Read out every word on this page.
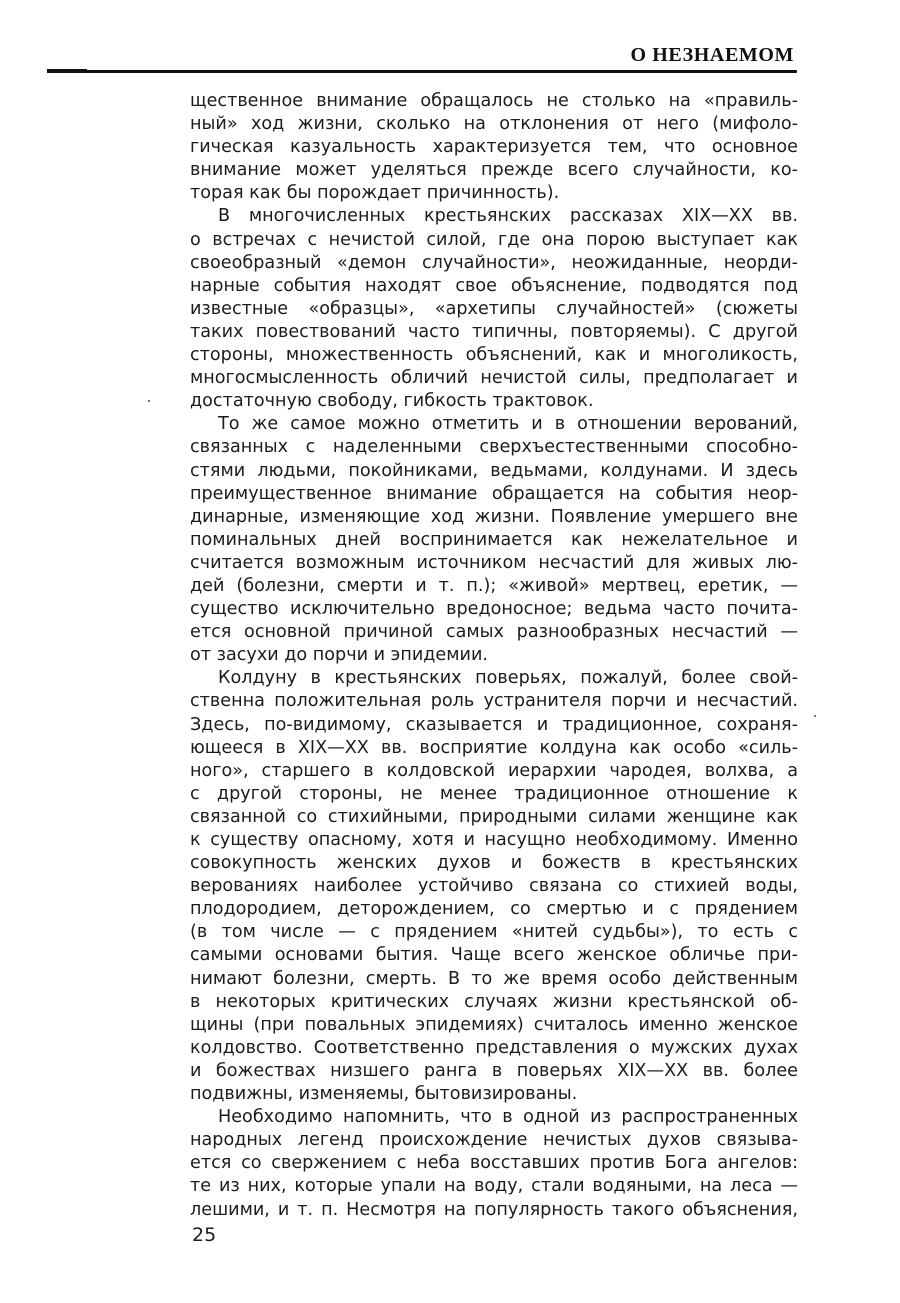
О НЕЗНАЕМОМ
щественное внимание обращалось не столько на «правиль-
ный» ход жизни, сколько на отклонения от него (мифоло-
гическая казуальность характеризуется тем, что основное
внимание может уделяться прежде всего случайности, ко-
торая как бы порождает причинность).
В многочисленных крестьянских рассказах XIX—XX вв.
о встречах с нечистой силой, где она порою выступает как
своеобразный «демон случайности», неожиданные, неорди-
нарные события находят свое объяснение, подводятся под
известные «образцы», «архетипы случайностей» (сюжеты
таких повествований часто типичны, повторяемы). С другой
стороны, множественность объяснений, как и многоликость,
многосмысленность обличий нечистой силы, предполагает и
достаточную свободу, гибкость трактовок.
То же самое можно отметить и в отношении верований,
связанных с наделенными сверхъестественными способно-
стями людьми, покойниками, ведьмами, колдунами. И здесь
преимущественное внимание обращается на события неор-
динарные, изменяющие ход жизни. Появление умершего вне
поминальных дней воспринимается как нежелательное и
считается возможным источником несчастий для живых лю-
дей (болезни, смерти и т. п.); «живой» мертвец, еретик, —
существо исключительно вредоносное; ведьма часто почита-
ется основной причиной самых разнообразных несчастий —
от засухи до порчи и эпидемии.
Колдуну в крестьянских поверьях, пожалуй, более свой-
ственна положительная роль устранителя порчи и несчастий.
Здесь, по-видимому, сказывается и традиционное, сохраня-
ющееся в XIX—XX вв. восприятие колдуна как особо «силь-
ного», старшего в колдовской иерархии чародея, волхва, а
с другой стороны, не менее традиционное отношение к
связанной со стихийными, природными силами женщине как
к существу опасному, хотя и насущно необходимому. Именно
совокупность женских духов и божеств в крестьянских
верованиях наиболее устойчиво связана со стихией воды,
плодородием, деторождением, со смертью и с прядением
(в том числе — с прядением «нитей судьбы»), то есть с
самыми основами бытия. Чаще всего женское обличье при-
нимают болезни, смерть. В то же время особо действенным
в некоторых критических случаях жизни крестьянской об-
щины (при повальных эпидемиях) считалось именно женское
колдовство. Соответственно представления о мужских духах
и божествах низшего ранга в поверьях XIX—XX вв. более
подвижны, изменяемы, бытовизированы.
Необходимо напомнить, что в одной из распространенных
народных легенд происхождение нечистых духов связыва-
ется со свержением с неба восставших против Бога ангелов:
те из них, которые упали на воду, стали водяными, на леса —
лешими, и т. п. Несмотря на популярность такого объяснения,
25
